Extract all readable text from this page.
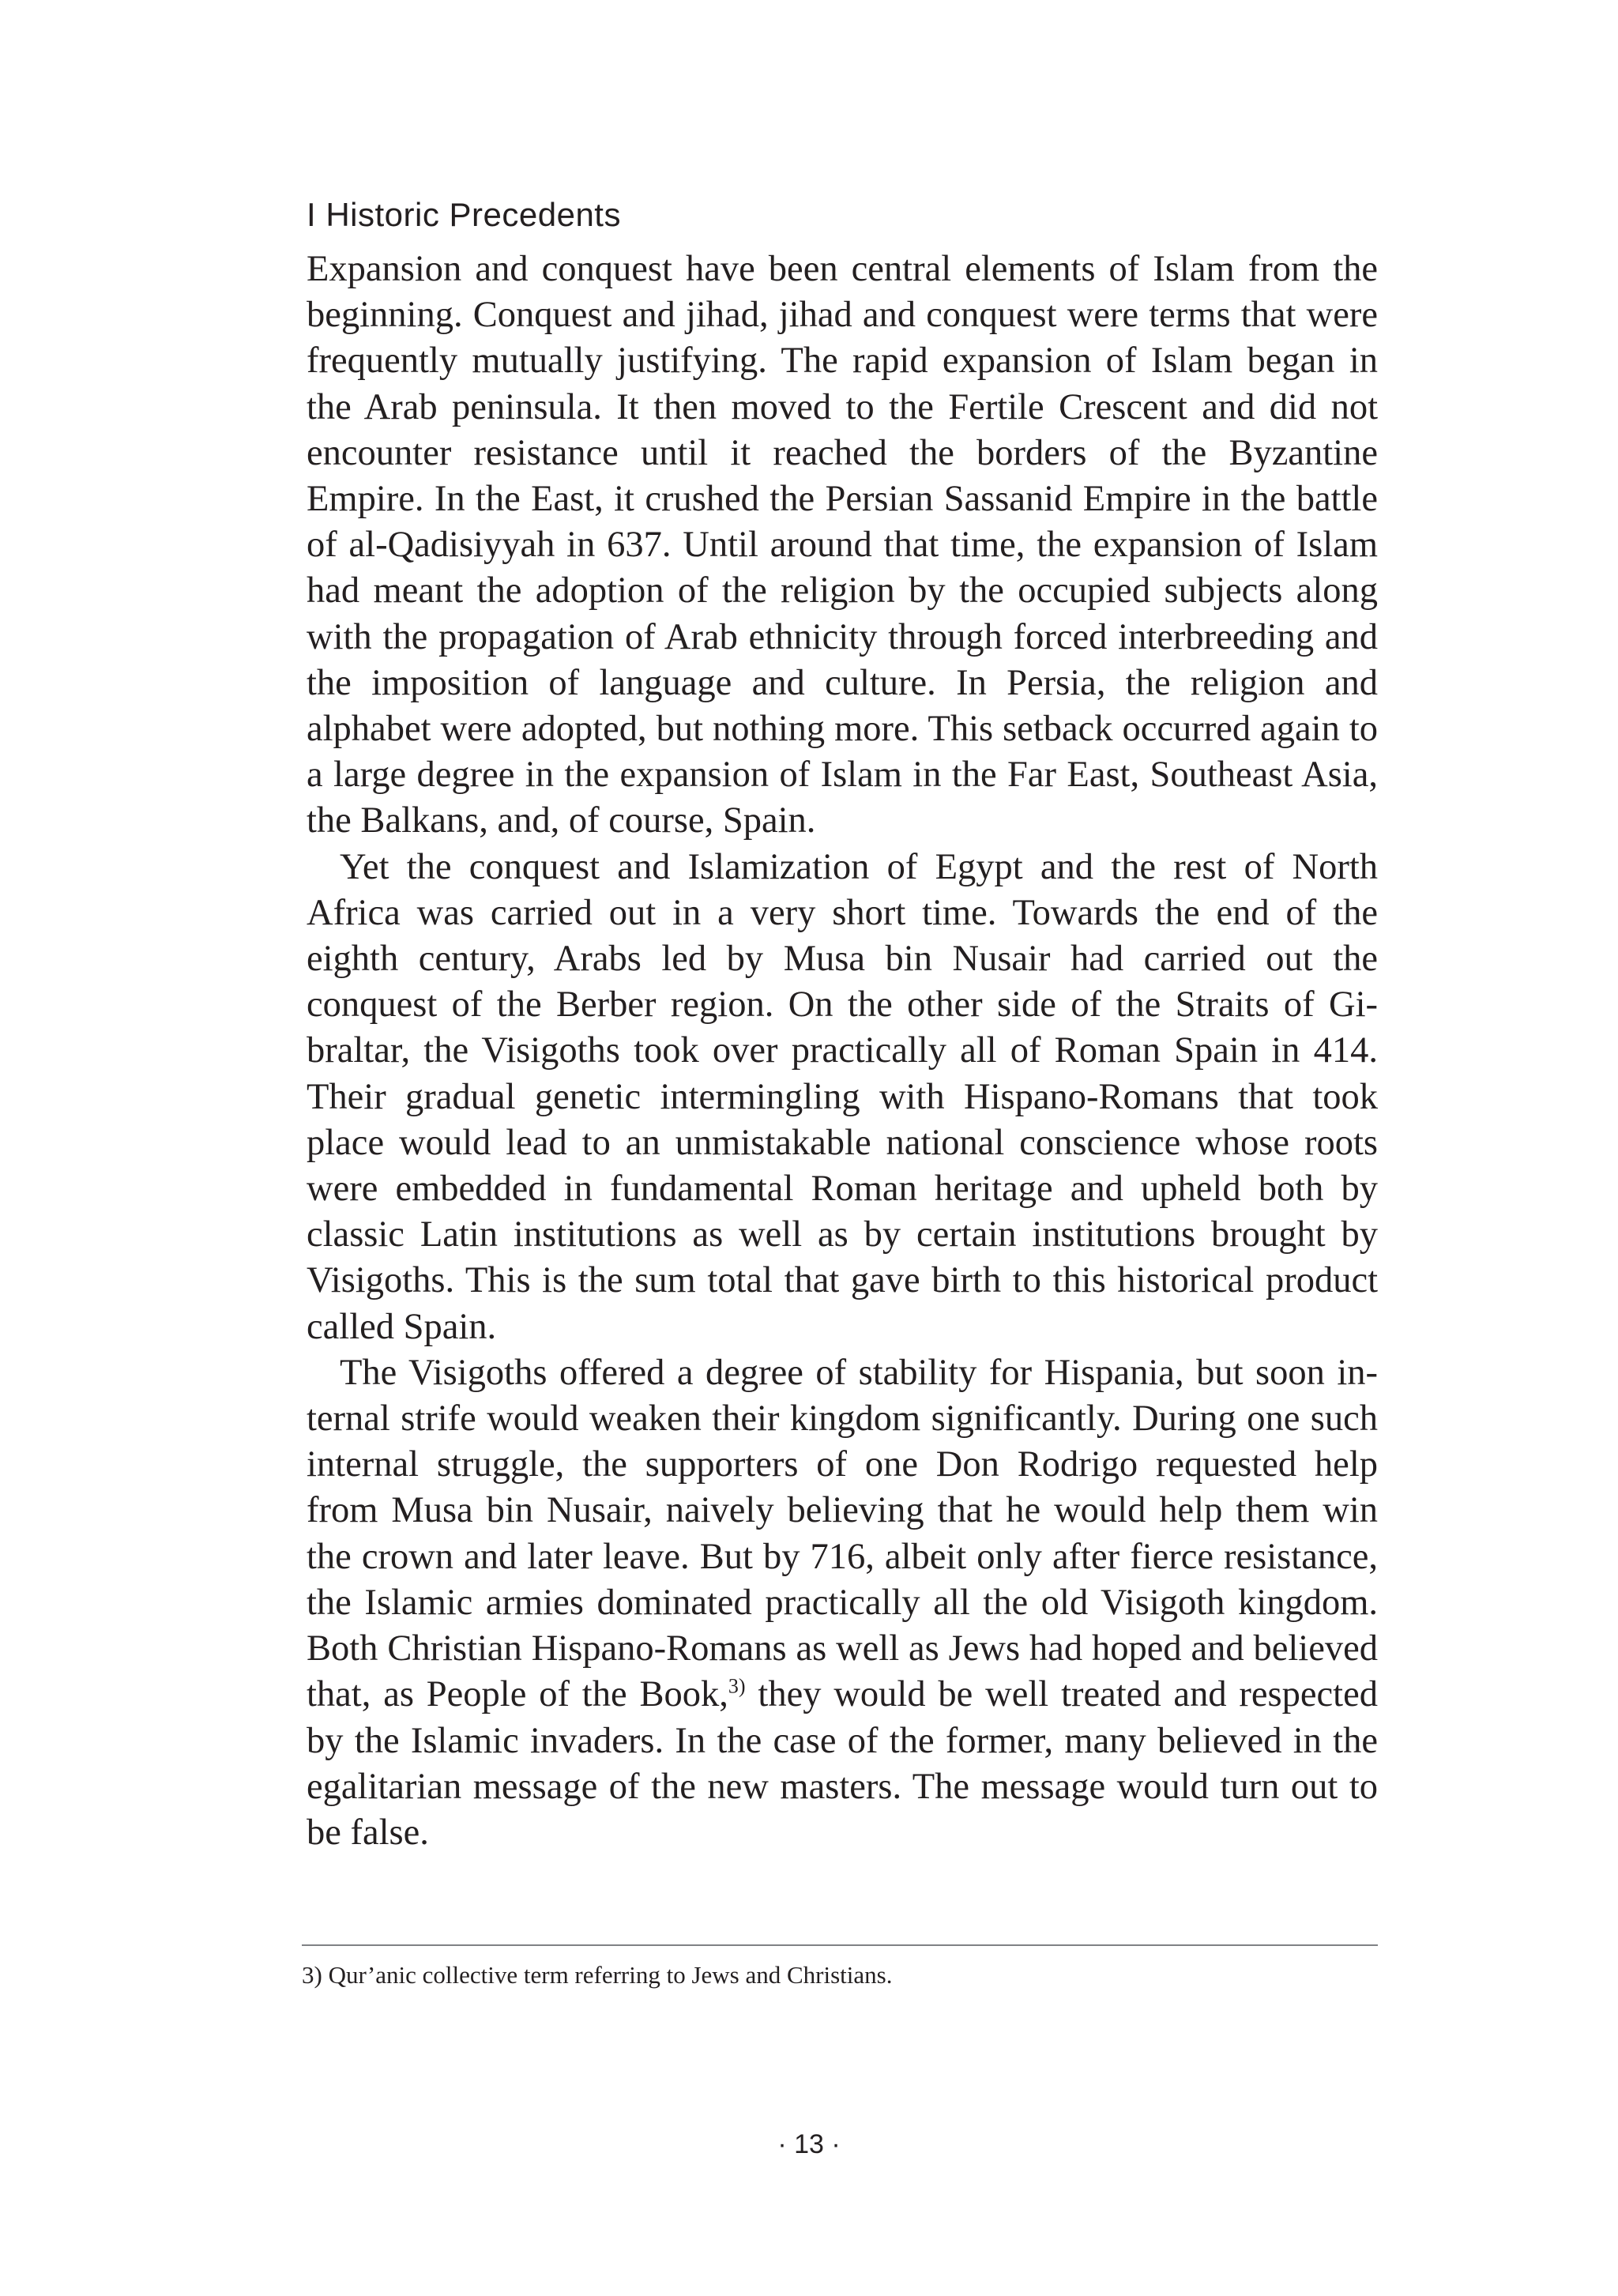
I Historic Precedents

Expansion and conquest have been central elements of Islam from the beginning. Conquest and jihad, jihad and conquest were terms that were frequently mutually justifying. The rapid expansion of Islam began in the Arab peninsula. It then moved to the Fertile Crescent and did not encounter resistance until it reached the borders of the Byzantine Empire. In the East, it crushed the Persian Sassanid Empire in the battle of al-Qadisiyyah in 637. Until around that time, the expansion of Islam had meant the adoption of the religion by the occupied subjects along with the propagation of Arab ethnicity through forced interbreeding and the imposition of language and culture. In Persia, the religion and alphabet were adopted, but nothing more. This setback occurred again to a large degree in the expansion of Islam in the Far East, Southeast Asia, the Balkans, and, of course, Spain.

Yet the conquest and Islamization of Egypt and the rest of North Africa was carried out in a very short time. Towards the end of the eighth century, Arabs led by Musa bin Nusair had carried out the conquest of the Berber region. On the other side of the Straits of Gibraltar, the Visigoths took over practically all of Roman Spain in 414. Their gradual genetic intermingling with Hispano-Romans that took place would lead to an unmistakable national conscience whose roots were embedded in fundamental Roman heritage and upheld both by classic Latin institutions as well as by certain institutions brought by Visigoths. This is the sum total that gave birth to this historical product called Spain.

The Visigoths offered a degree of stability for Hispania, but soon internal strife would weaken their kingdom significantly. During one such internal struggle, the supporters of one Don Rodrigo requested help from Musa bin Nusair, naively believing that he would help them win the crown and later leave. But by 716, albeit only after fierce resistance, the Islamic armies dominated practically all the old Visigoth kingdom. Both Christian Hispano-Romans as well as Jews had hoped and believed that, as People of the Book,$^{3)}$ they would be well treated and respected by the Islamic invaders. In the case of the former, many believed in the egalitarian message of the new masters. The message would turn out to be false.

3) Qur’anic collective term referring to Jews and Christians.

· 13 ·
